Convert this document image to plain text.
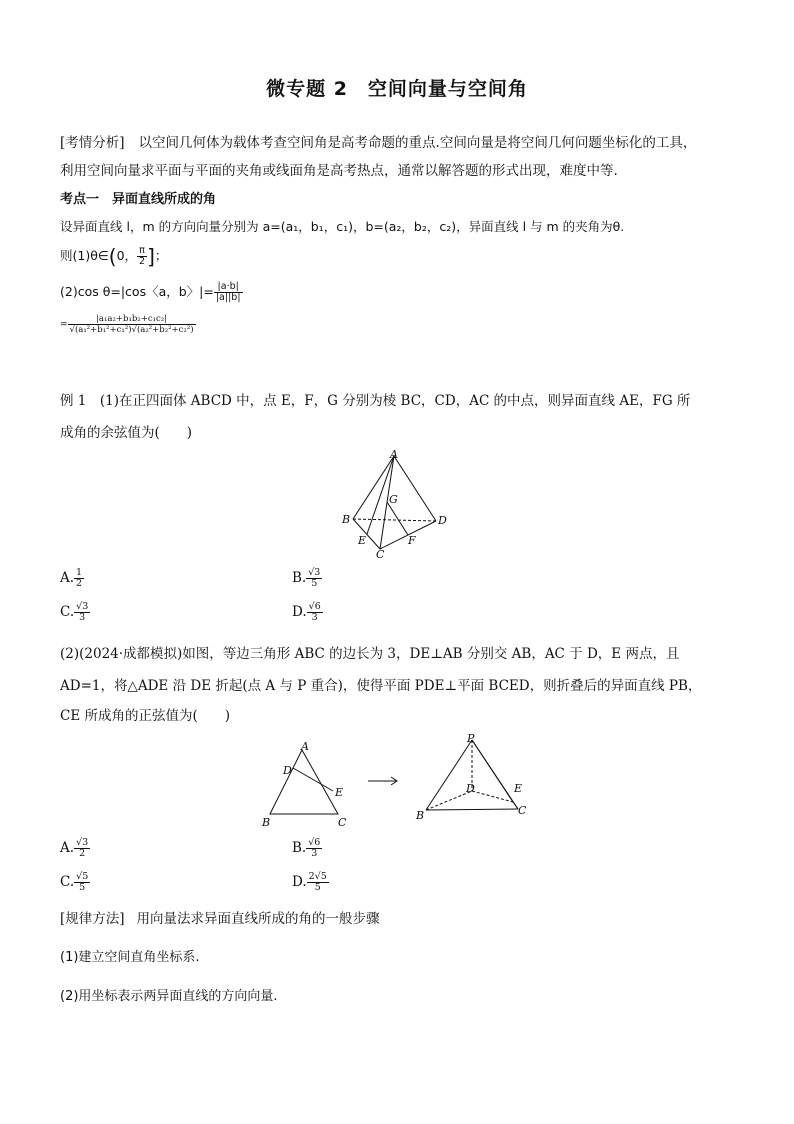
微专题 2　空间向量与空间角
[考情分析] 以空间几何体为载体考查空间角是高考命题的重点.空间向量是将空间几何问题坐标化的工具，
利用空间向量求平面与平面的夹角或线面角是高考热点，通常以解答题的形式出现，难度中等.
考点一　异面直线所成的角
设异面直线 l，m 的方向向量分别为 a=(a₁，b₁，c₁)，b=(a₂，b₂，c₂)，异面直线 l 与 m 的夹角为θ.
则(1)θ∈(0， $\frac{\pi}{2}$ ]；
(2)cos θ=|cos〈a，b〉|= $\frac{|a\cdot b|}{|a||b|}$
= $\frac{\text{|a₁a₂+b₁b₂+c₁c₂|}}{\text{√(a₁²+b₁²+c₁²)√(a₂²+b₂²+c₂²)}}$
例 1　(1)在正四面体 ABCD 中，点 E，F，G 分别为棱 BC，CD，AC 的中点，则异面直线 AE，FG 所
成角的余弦值为(　　)
A
B
C
D
E	F
G
A. $\frac{1}{2}$	B. $\frac{√3}{5}$
C. $\frac{√3}{3}$	D. $\frac{√6}{3}$
(2)(2024·成都模拟)如图，等边三角形 ABC 的边长为 3，DE⊥AB 分别交 AB，AC 于 D，E 两点，且
AD=1，将△ADE 沿 DE 折起(点 A 与 P 重合)，使得平面 PDE⊥平面 BCED，则折叠后的异面直线 PB，
CE 所成角的正弦值为(　　)
A
B	C
D
E
P
B	C
D	E
A. $\frac{√3}{2}$	B. $\frac{√6}{3}$
C. $\frac{√5}{5}$	D. $\frac{2√5}{5}$
[规律方法] 用向量法求异面直线所成的角的一般步骤
(1)建立空间直角坐标系.
(2)用坐标表示两异面直线的方向向量.
